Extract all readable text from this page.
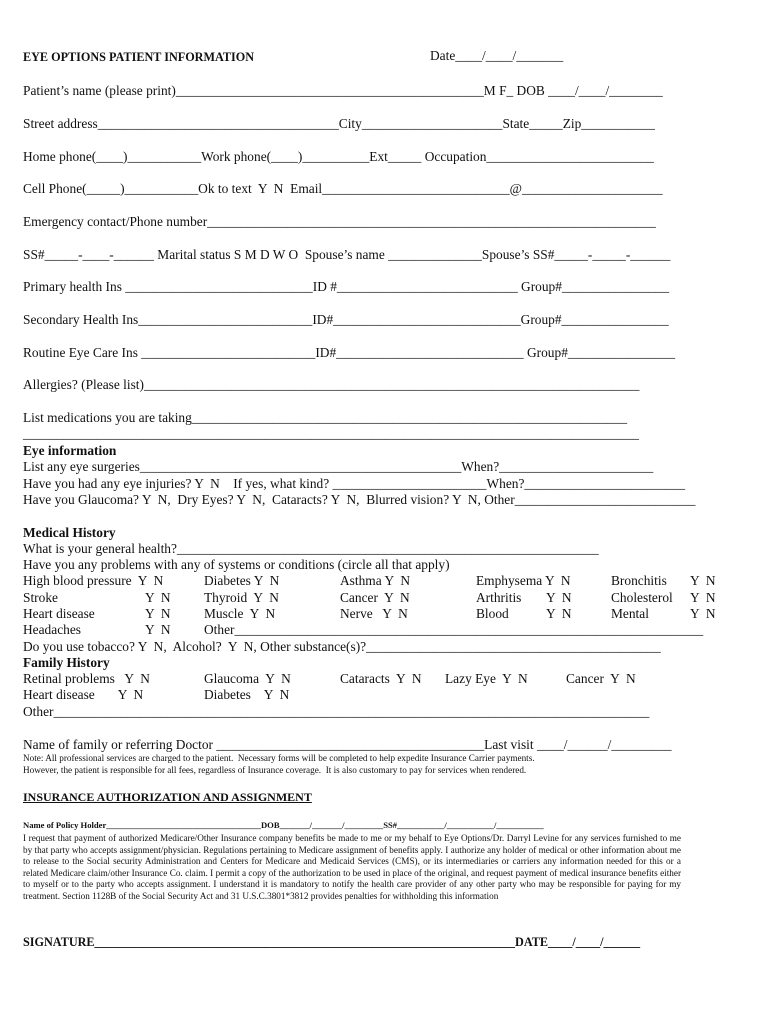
EYE OPTIONS PATIENT INFORMATION	Date____/____/_______
Patient’s name (please print)______________________________________________M F_ DOB ____/____/________
Street address____________________________________City_____________________State_____Zip___________
Home phone(____)___________Work phone(____)__________Ext_____ Occupation_________________________
Cell Phone(_____)___________Ok to text  Y  N  Email____________________________@_____________________
Emergency contact/Phone number___________________________________________________________________
SS#_____-____-______ Marital status S M D W O  Spouse’s name ______________Spouse’s SS#_____-_____-______
Primary health Ins ____________________________ID #___________________________ Group#________________
Secondary Health Ins__________________________ID#____________________________Group#________________
Routine Eye Care Ins __________________________ID#____________________________ Group#________________
Allergies? (Please list)__________________________________________________________________________
List medications you are taking_________________________________________________________________
____________________________________________________________________________________________
Eye information
List any eye surgeries________________________________________________When?_______________________
Have you had any eye injuries? Y  N    If yes, what kind? _______________________When?________________________
Have you Glaucoma? Y  N,  Dry Eyes? Y  N,  Cataracts? Y  N,  Blurred vision? Y  N, Other___________________________
Medical History
What is your general health?_______________________________________________________________
Have you any problems with any of systems or conditions (circle all that apply)
High blood pressure  Y  N	Diabetes Y  N	Asthma Y  N	Emphysema Y  N	Bronchitis Y  N
Stroke	Y  N Thyroid  Y  N	Cancer  Y  N	Arthritis Y  N	Cholesterol Y  N
Heart disease	Y  N Muscle  Y  N	Nerve   Y  N	Blood	Y  N	Mental	Y  N
Headaches	Y  N Other______________________________________________________________________
Do you use tobacco? Y  N,  Alcohol?  Y  N, Other substance(s)?____________________________________________
Family History
Retinal problems   Y  N	Glaucoma  Y  N	Cataracts  Y  N Lazy Eye  Y  N	Cancer  Y  N
Heart disease       Y  N	Diabetes    Y  N
Other_________________________________________________________________________________________
Name of family or referring Doctor ________________________________________Last visit ____/______/_________
Note: All professional services are charged to the patient.  Necessary forms will be completed to help expedite Insurance Carrier payments.
However, the patient is responsible for all fees, regardless of Insurance coverage.  It is also customary to pay for services when rendered.
INSURANCE AUTHORIZATION AND ASSIGNMENT
Name of Policy Holder____________________________________DOB_______/_______/_________SS#___________/___________/___________
I request that payment of authorized Medicare/Other Insurance company benefits be made to me or my behalf to Eye Options/Dr. Darryl Levine for any services furnished to me by that party who accepts assignment/physician. Regulations pertaining to Medicare assignment of benefits apply. I authorize any holder of medical or other information about me to release to the Social security Administration and Centers for Medicare and Medicaid Services (CMS), or its intermediaries or carriers any information needed for this or a related Medicare claim/other Insurance Co. claim. I permit a copy of the authorization to be used in place of the original, and request payment of medical insurance benefits either to myself or to the party who accepts assignment. I understand it is mandatory to notify the health care provider of any other party who may be responsible for paying for my treatment. Section 1128B of the Social Security Act and 31 U.S.C.3801*3812 provides penalties for withholding this information
SIGNATURE_____________________________________________________________________DATE____/____/______
